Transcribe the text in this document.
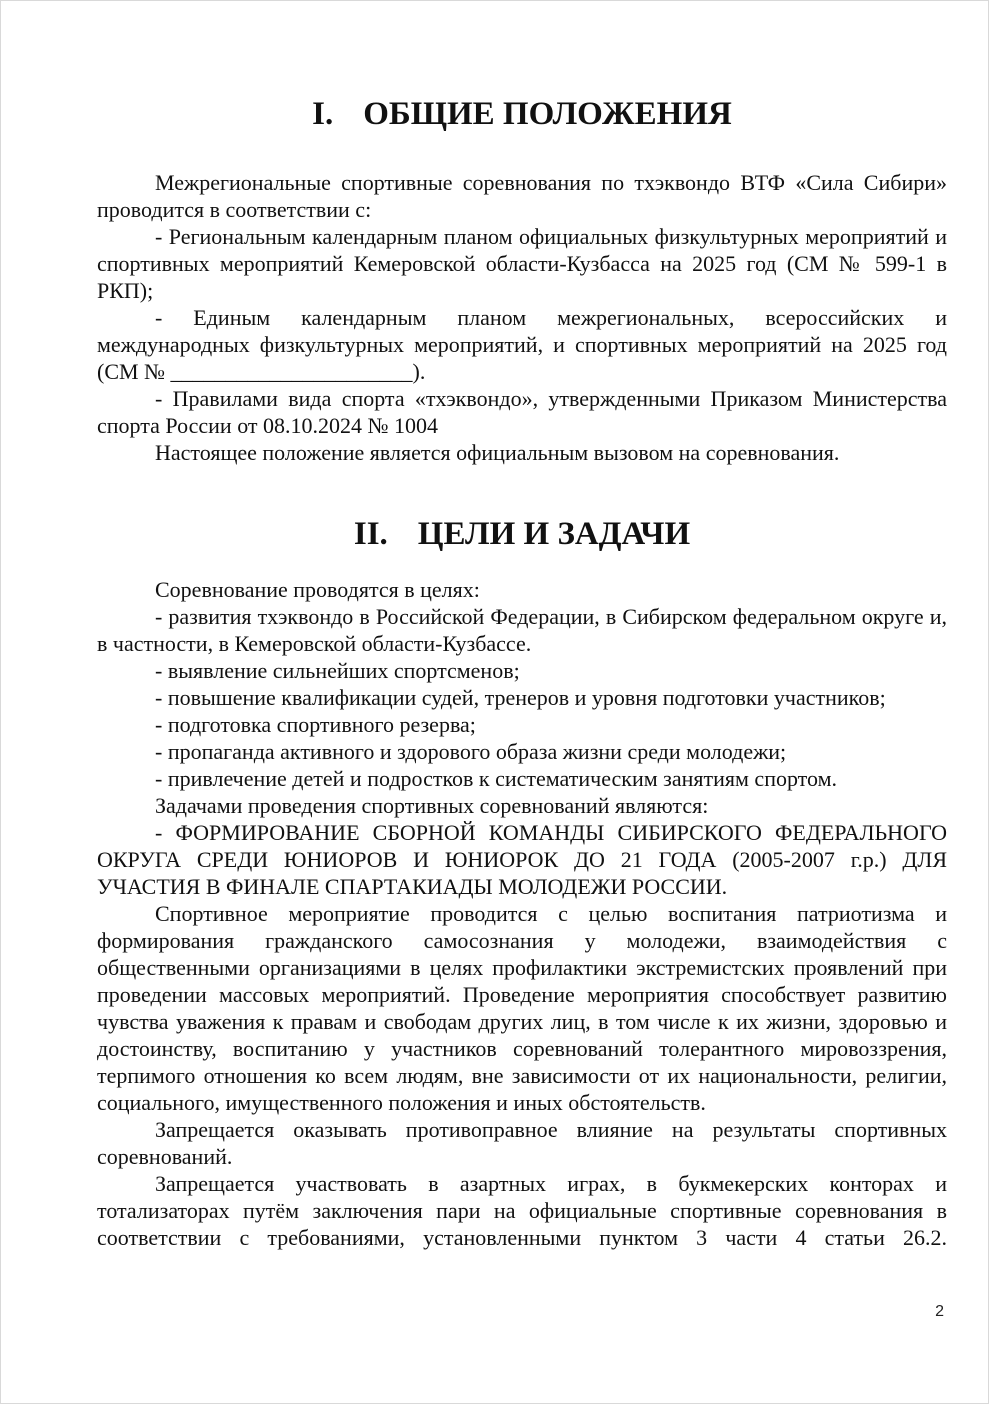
I. ОБЩИЕ ПОЛОЖЕНИЯ

Межрегиональные спортивные соревнования по тхэквондо ВТФ «Сила Сибири» проводится в соответствии с:

- Региональным календарным планом официальных физкультурных мероприятий и спортивных мероприятий Кемеровской области-Кузбасса на 2025 год (СМ № 599-1 в РКП);

- Единым календарным планом межрегиональных, всероссийских и международных физкультурных мероприятий, и спортивных мероприятий на 2025 год (СМ № ______________________).

- Правилами вида спорта «тхэквондо», утвержденными Приказом Министерства спорта России от 08.10.2024 № 1004

Настоящее положение является официальным вызовом на соревнования.

II. ЦЕЛИ И ЗАДАЧИ

Соревнование проводятся в целях:

- развития тхэквондо в Российской Федерации, в Сибирском федеральном округе и, в частности, в Кемеровской области-Кузбассе.

- выявление сильнейших спортсменов;

- повышение квалификации судей, тренеров и уровня подготовки участников;

- подготовка спортивного резерва;

- пропаганда активного и здорового образа жизни среди молодежи;

- привлечение детей и подростков к систематическим занятиям спортом.

Задачами проведения спортивных соревнований являются:

- ФОРМИРОВАНИЕ СБОРНОЙ КОМАНДЫ СИБИРСКОГО ФЕДЕРАЛЬНОГО ОКРУГА СРЕДИ ЮНИОРОВ И ЮНИОРОК ДО 21 ГОДА (2005-2007 г.р.) ДЛЯ УЧАСТИЯ В ФИНАЛЕ СПАРТАКИАДЫ МОЛОДЕЖИ РОССИИ.

Спортивное мероприятие проводится с целью воспитания патриотизма и формирования гражданского самосознания у молодежи, взаимодействия с общественными организациями в целях профилактики экстремистских проявлений при проведении массовых мероприятий. Проведение мероприятия способствует развитию чувства уважения к правам и свободам других лиц, в том числе к их жизни, здоровью и достоинству, воспитанию у участников соревнований толерантного мировоззрения, терпимого отношения ко всем людям, вне зависимости от их национальности, религии, социального, имущественного положения и иных обстоятельств.

Запрещается оказывать противоправное влияние на результаты спортивных соревнований.

Запрещается участвовать в азартных играх, в букмекерских конторах и тотализаторах путём заключения пари на официальные спортивные соревнования в соответствии с требованиями, установленными пунктом 3 части 4 статьи 26.2.

2
